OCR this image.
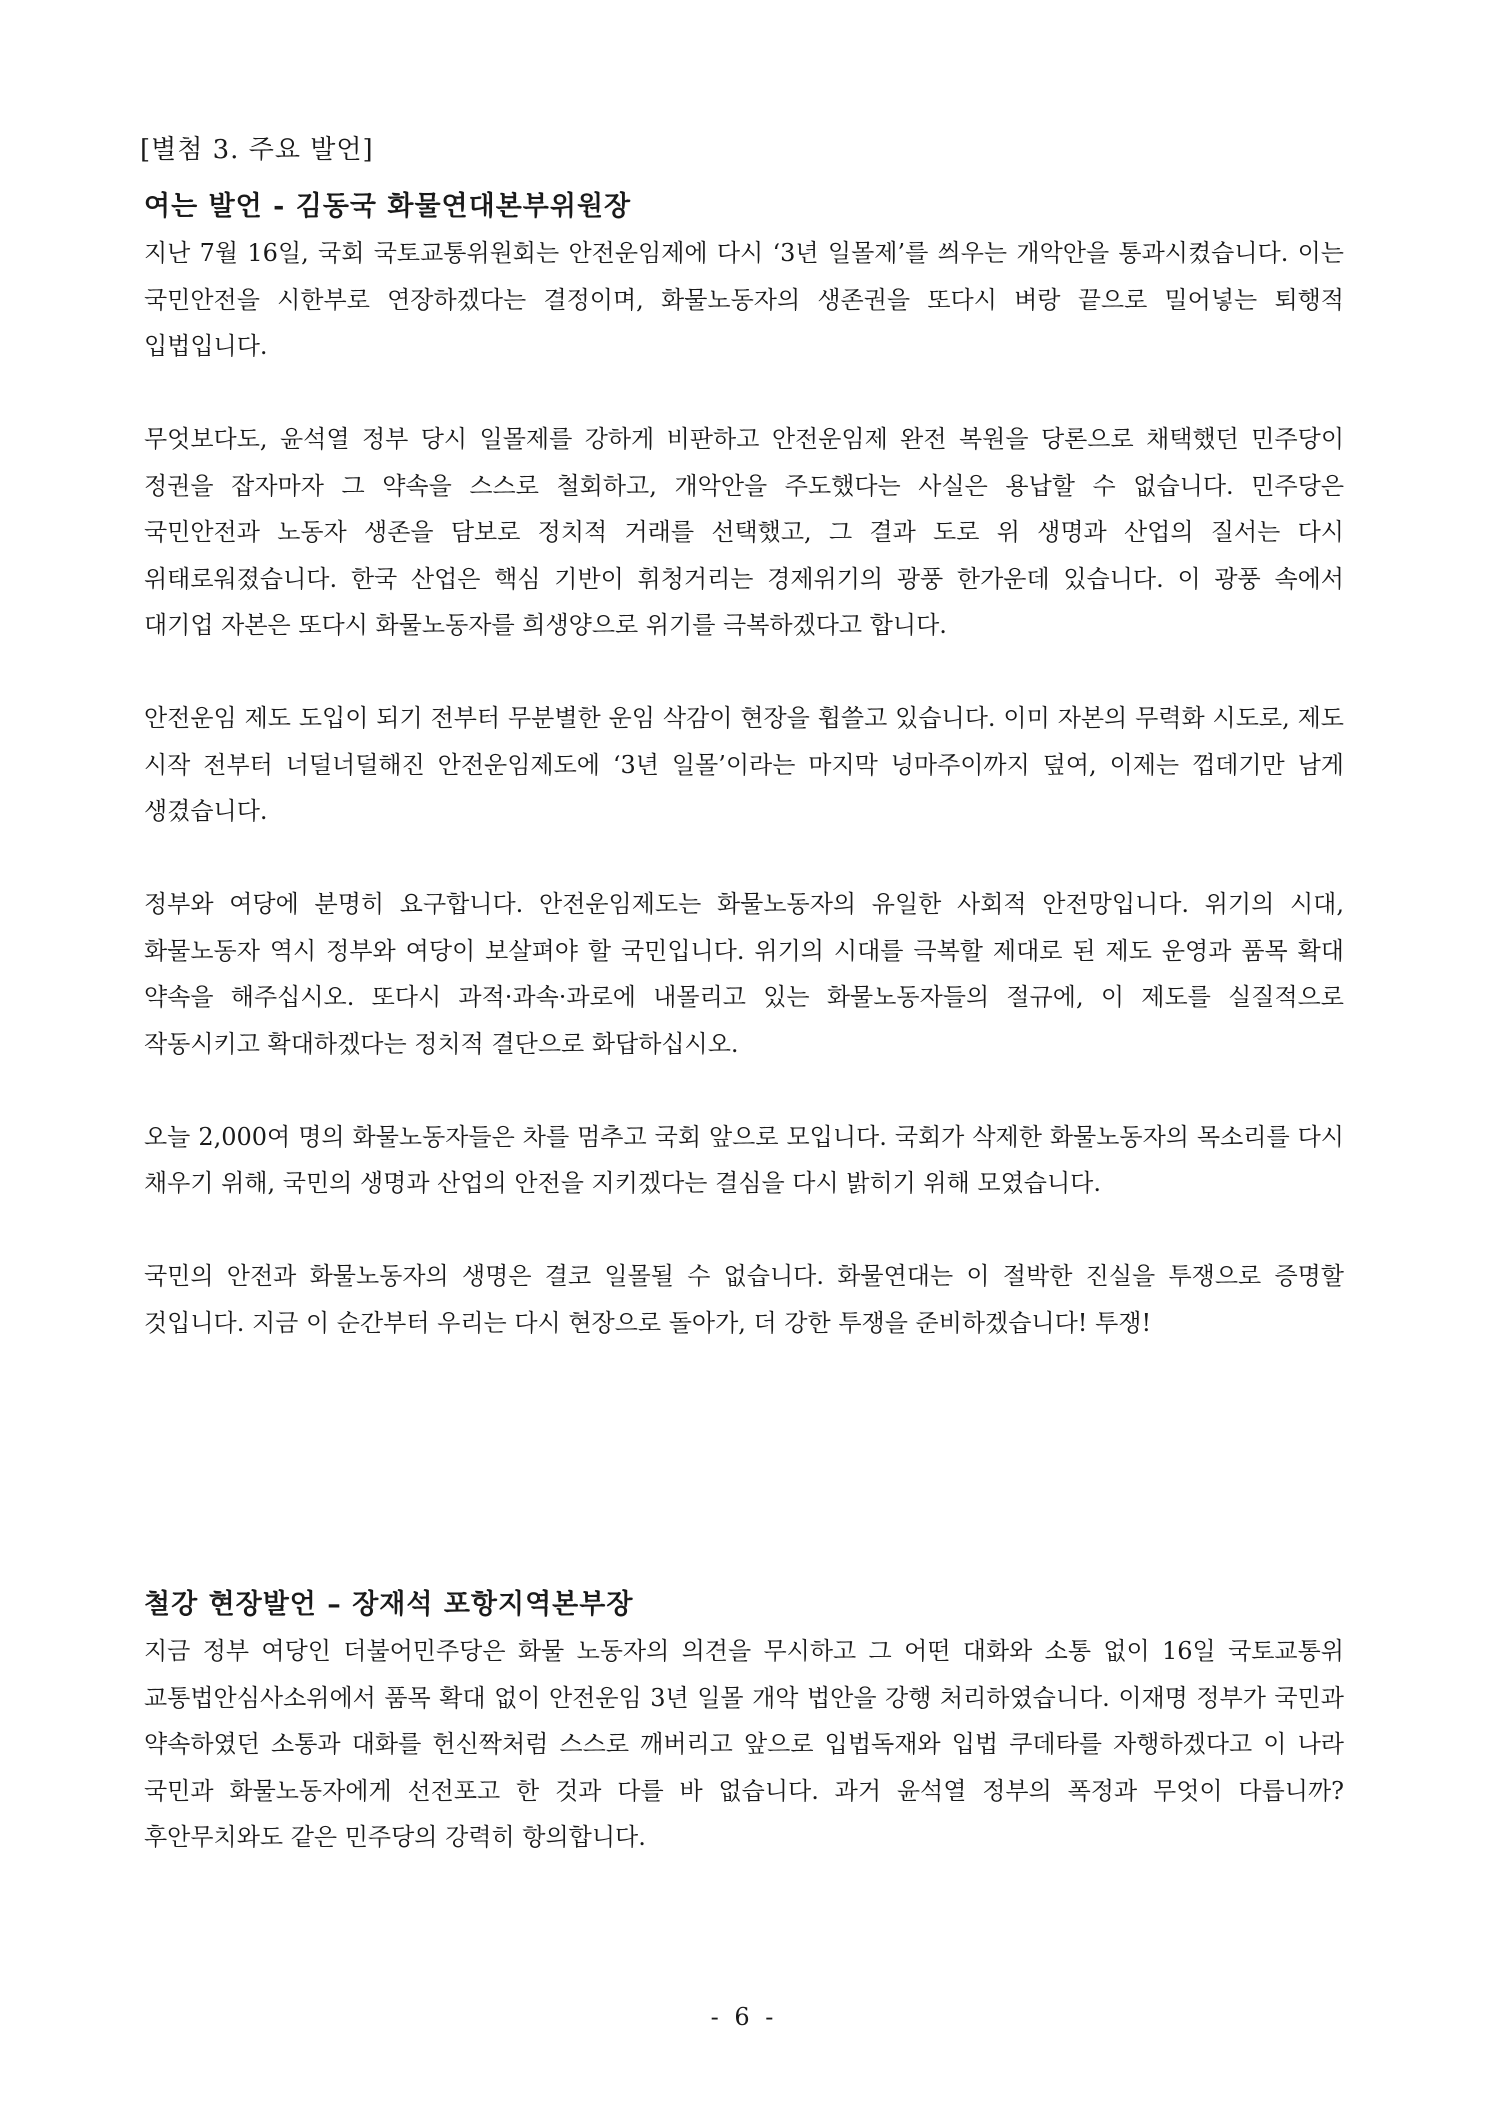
[별첨 3. 주요 발언]
여는 발언 - 김동국 화물연대본부위원장

지난 7월 16일, 국회 국토교통위원회는 안전운임제에 다시 ‘3년 일몰제’를 씌우는 개악안을 통과시켰습니다. 이는 국민안전을 시한부로 연장하겠다는 결정이며, 화물노동자의 생존권을 또다시 벼랑 끝으로 밀어넣는 퇴행적 입법입니다.

무엇보다도, 윤석열 정부 당시 일몰제를 강하게 비판하고 안전운임제 완전 복원을 당론으로 채택했던 민주당이 정권을 잡자마자 그 약속을 스스로 철회하고, 개악안을 주도했다는 사실은 용납할 수 없습니다. 민주당은 국민안전과 노동자 생존을 담보로 정치적 거래를 선택했고, 그 결과 도로 위 생명과 산업의 질서는 다시 위태로워졌습니다. 한국 산업은 핵심 기반이 휘청거리는 경제위기의 광풍 한가운데 있습니다. 이 광풍 속에서 대기업 자본은 또다시 화물노동자를 희생양으로 위기를 극복하겠다고 합니다.

안전운임 제도 도입이 되기 전부터 무분별한 운임 삭감이 현장을 휩쓸고 있습니다. 이미 자본의 무력화 시도로, 제도 시작 전부터 너덜너덜해진 안전운임제도에 ‘3년 일몰’이라는 마지막 넝마주이까지 덮여, 이제는 껍데기만 남게 생겼습니다.

정부와 여당에 분명히 요구합니다. 안전운임제도는 화물노동자의 유일한 사회적 안전망입니다. 위기의 시대, 화물노동자 역시 정부와 여당이 보살펴야 할 국민입니다. 위기의 시대를 극복할 제대로 된 제도 운영과 품목 확대 약속을 해주십시오. 또다시 과적·과속·과로에 내몰리고 있는 화물노동자들의 절규에, 이 제도를 실질적으로 작동시키고 확대하겠다는 정치적 결단으로 화답하십시오.

오늘 2,000여 명의 화물노동자들은 차를 멈추고 국회 앞으로 모입니다. 국회가 삭제한 화물노동자의 목소리를 다시 채우기 위해, 국민의 생명과 산업의 안전을 지키겠다는 결심을 다시 밝히기 위해 모였습니다.

국민의 안전과 화물노동자의 생명은 결코 일몰될 수 없습니다. 화물연대는 이 절박한 진실을 투쟁으로 증명할 것입니다. 지금 이 순간부터 우리는 다시 현장으로 돌아가, 더 강한 투쟁을 준비하겠습니다! 투쟁!

철강 현장발언 – 장재석 포항지역본부장

지금 정부 여당인 더불어민주당은 화물 노동자의 의견을 무시하고 그 어떤 대화와 소통 없이 16일 국토교통위 교통법안심사소위에서 품목 확대 없이 안전운임 3년 일몰 개악 법안을 강행 처리하였습니다. 이재명 정부가 국민과 약속하였던 소통과 대화를 헌신짝처럼 스스로 깨버리고 앞으로 입법독재와 입법 쿠데타를 자행하겠다고 이 나라 국민과 화물노동자에게 선전포고 한 것과 다를 바 없습니다. 과거 윤석열 정부의 폭정과 무엇이 다릅니까? 후안무치와도 같은 민주당의 강력히 항의합니다.

- 6 -
